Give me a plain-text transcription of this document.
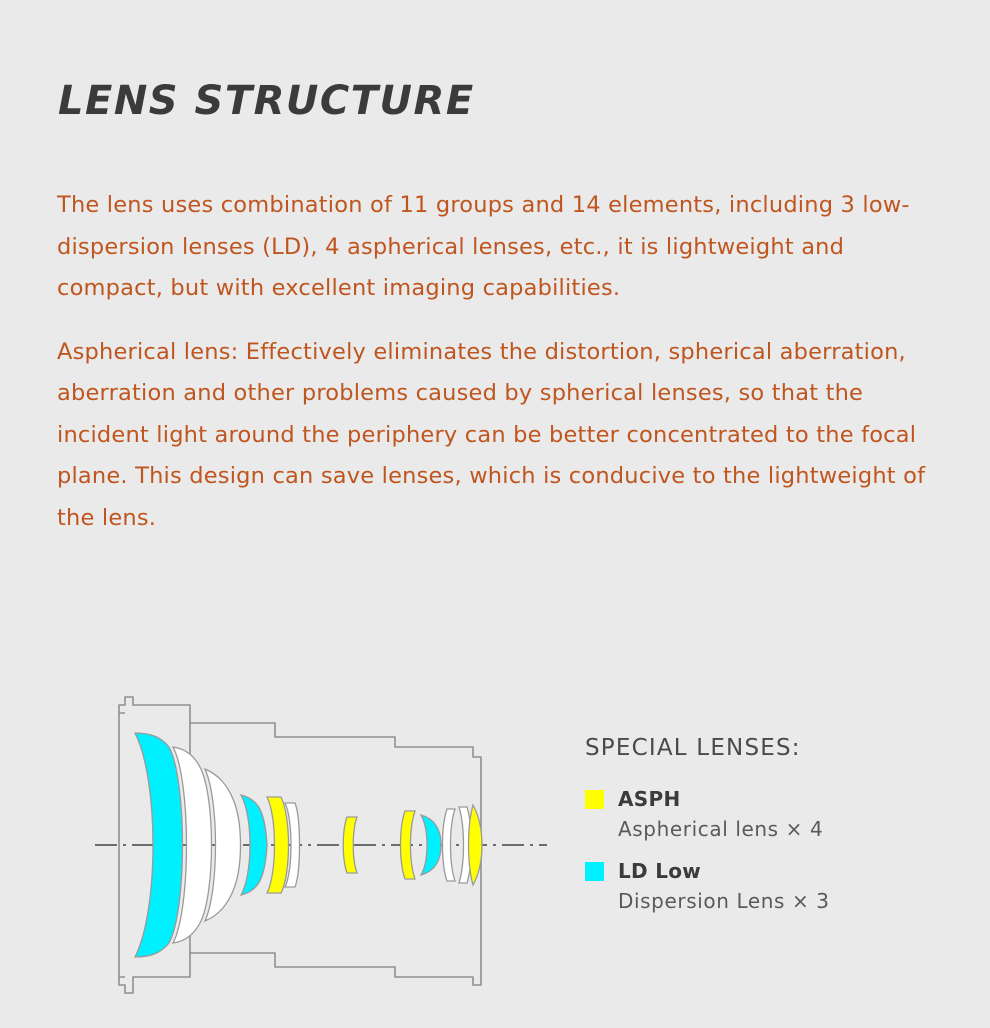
LENS STRUCTURE

The lens uses combination of 11 groups and 14 elements, including 3 low-dispersion lenses (LD), 4 aspherical lenses, etc., it is lightweight and compact, but with excellent imaging capabilities.

Aspherical lens: Effectively eliminates the distortion, spherical aberration, aberration and other problems caused by spherical lenses, so that the incident light around the periphery can be better concentrated to the focal plane. This design can save lenses, which is conducive to the lightweight of the lens.

SPECIAL LENSES:
ASPH
Aspherical lens × 4
LD Low
Dispersion Lens × 3
